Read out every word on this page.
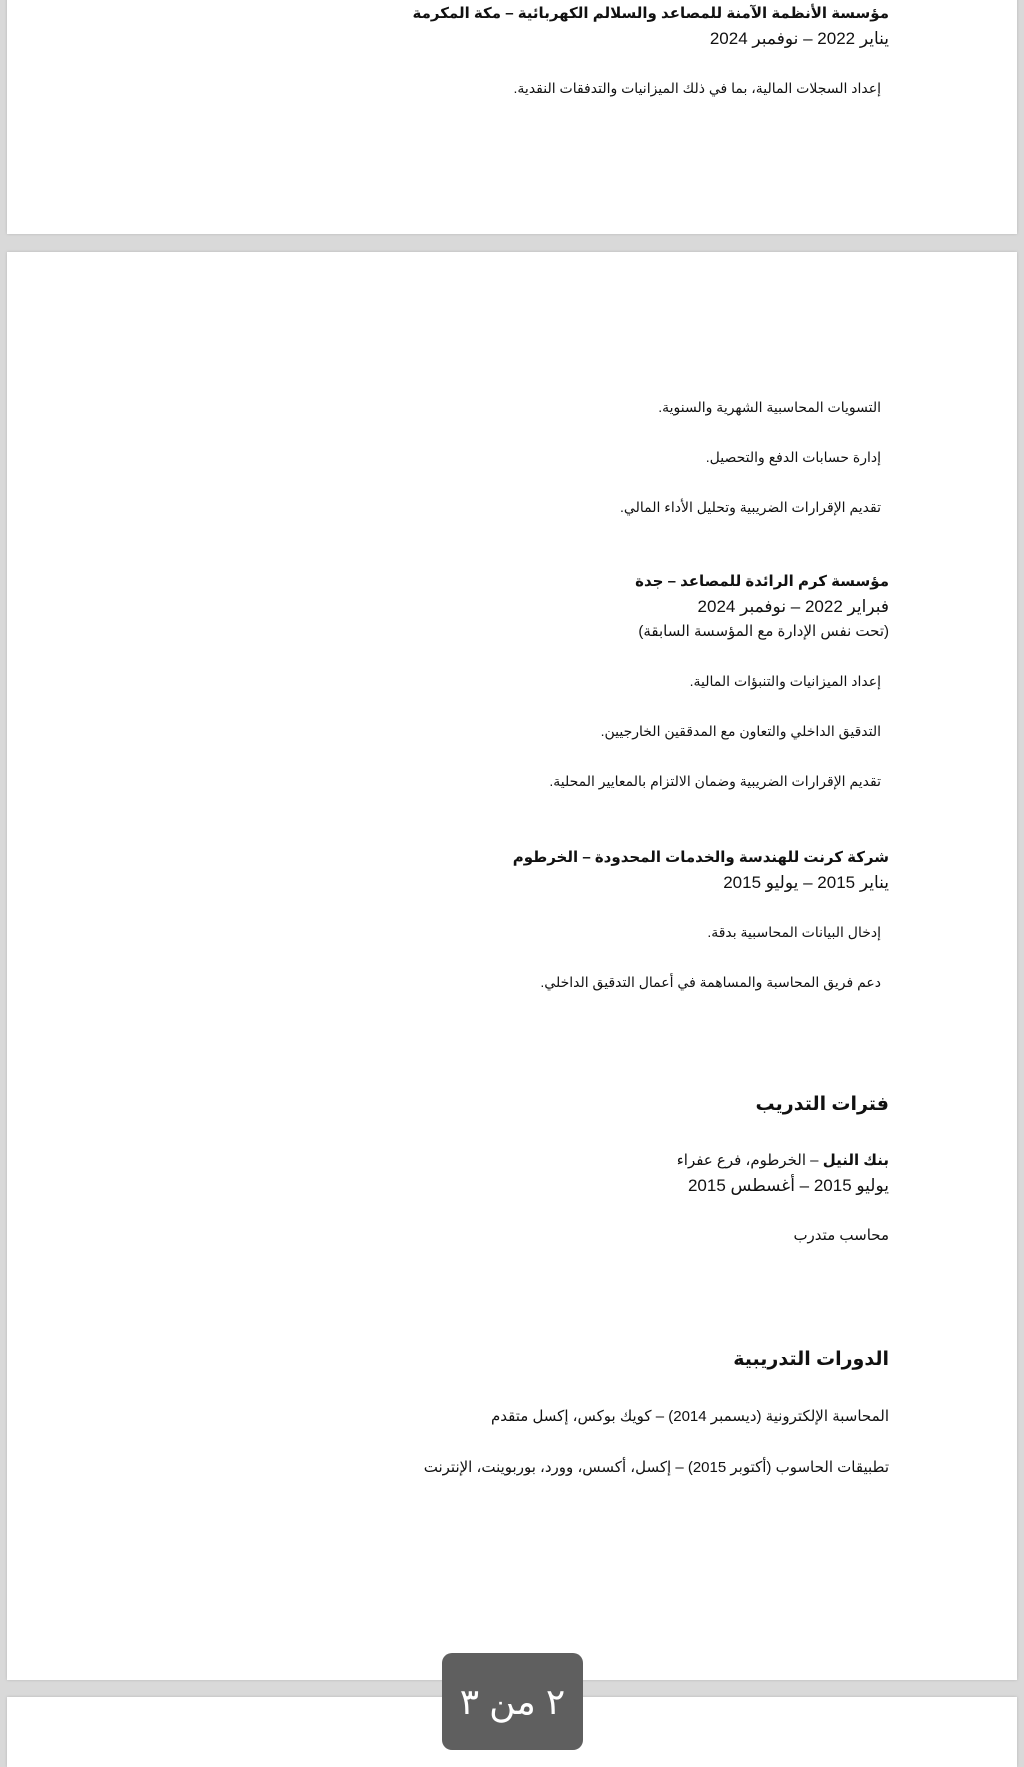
مؤسسة الأنظمة الآمنة للمصاعد والسلالم الكهربائية – مكة المكرمة
يناير 2022 – نوفمبر 2024
إعداد السجلات المالية، بما في ذلك الميزانيات والتدفقات النقدية.
التسويات المحاسبية الشهرية والسنوية.
إدارة حسابات الدفع والتحصيل.
تقديم الإقرارات الضريبية وتحليل الأداء المالي.
مؤسسة كرم الرائدة للمصاعد – جدة
فبراير 2022 – نوفمبر 2024
(تحت نفس الإدارة مع المؤسسة السابقة)
إعداد الميزانيات والتنبؤات المالية.
التدقيق الداخلي والتعاون مع المدققين الخارجيين.
تقديم الإقرارات الضريبية وضمان الالتزام بالمعايير المحلية.
شركة كرنت للهندسة والخدمات المحدودة – الخرطوم
يناير 2015 – يوليو 2015
إدخال البيانات المحاسبية بدقة.
دعم فريق المحاسبة والمساهمة في أعمال التدقيق الداخلي.
فترات التدريب
بنك النيل – الخرطوم، فرع عفراء
يوليو 2015 – أغسطس 2015
محاسب متدرب
الدورات التدريبية
المحاسبة الإلكترونية (ديسمبر 2014) – كويك بوكس، إكسل متقدم
تطبيقات الحاسوب (أكتوبر 2015) – إكسل، أكسس، وورد، بوربوينت، الإنترنت
٢ من ٣
